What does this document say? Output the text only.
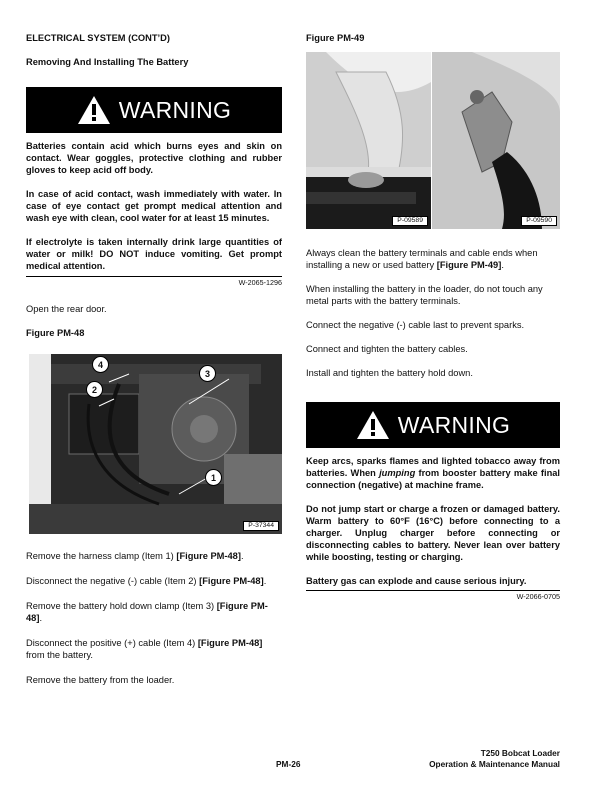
ELECTRICAL SYSTEM (CONT’D)
Removing And Installing The Battery
WARNING
Batteries contain acid which burns eyes and skin on contact. Wear goggles, protective clothing and rubber gloves to keep acid off body.
In case of acid contact, wash immediately with water. In case of eye contact get prompt medical attention and wash eye with clean, cool water for at least 15 minutes.
If electrolyte is taken internally drink large quantities of water or milk! DO NOT induce vomiting. Get prompt medical attention.
W-2065-1296
Open the rear door.
Figure PM-48
4
2
3
1
P-37344
Remove the harness clamp (Item 1) [Figure PM-48].
Disconnect the negative (-) cable (Item 2) [Figure PM-48].
Remove the battery hold down clamp (Item 3) [Figure PM-48].
Disconnect the positive (+) cable (Item 4) [Figure PM-48] from the battery.
Remove the battery from the loader.
Figure PM-49
P-09589	P-09590
Always clean the battery terminals and cable ends when installing a new or used battery [Figure PM-49].
When installing the battery in the loader, do not touch any metal parts with the battery terminals.
Connect the negative (-) cable last to prevent sparks.
Connect and tighten the battery cables.
Install and tighten the battery hold down.
WARNING
Keep arcs, sparks flames and lighted tobacco away from batteries. When jumping from booster battery make final connection (negative) at machine frame.
Do not jump start or charge a frozen or damaged battery. Warm battery to 60°F (16°C) before connecting to a charger. Unplug charger before connecting or disconnecting cables to battery. Never lean over battery while boosting, testing or charging.
Battery gas can explode and cause serious injury.
W-2066-0705
PM-26
T250 Bobcat Loader
Operation & Maintenance Manual
